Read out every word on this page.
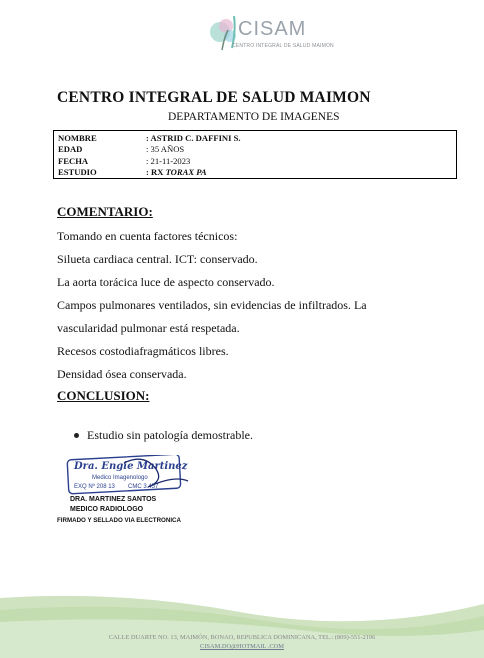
CISAM
CENTRO INTEGRAL DE SALUD MAIMON
CENTRO INTEGRAL DE SALUD MAIMON
DEPARTAMENTO DE IMAGENES
NOMBRE	: ASTRID C. DAFFINI S.
EDAD	: 35 AÑOS
FECHA	: 21-11-2023
ESTUDIO	: RX TORAX PA
COMENTARIO:
Tomando en cuenta factores técnicos:
Silueta cardiaca central. ICT: conservado.
La aorta torácica luce de aspecto conservado.
Campos pulmonares ventilados, sin evidencias de infiltrados. La
vascularidad pulmonar está respetada.
Recesos costodiafragmáticos libres.
Densidad ósea conservada.
CONCLUSION:
Estudio sin patología demostrable.
Dra. Engie Martinez
Medico Imagenologo
EXQ Nº 208 13 CMC 3.457
DRA. MARTINEZ SANTOS
MEDICO RADIOLOGO
FIRMADO Y SELLADO VIA ELECTRONICA
CALLE DUARTE NO. 13, MAIMÓN, BONAO, REPUBLICA DOMINICANA, TEL.: (809)-551-2196
CISAM.DO@HOTMAIL .COM
